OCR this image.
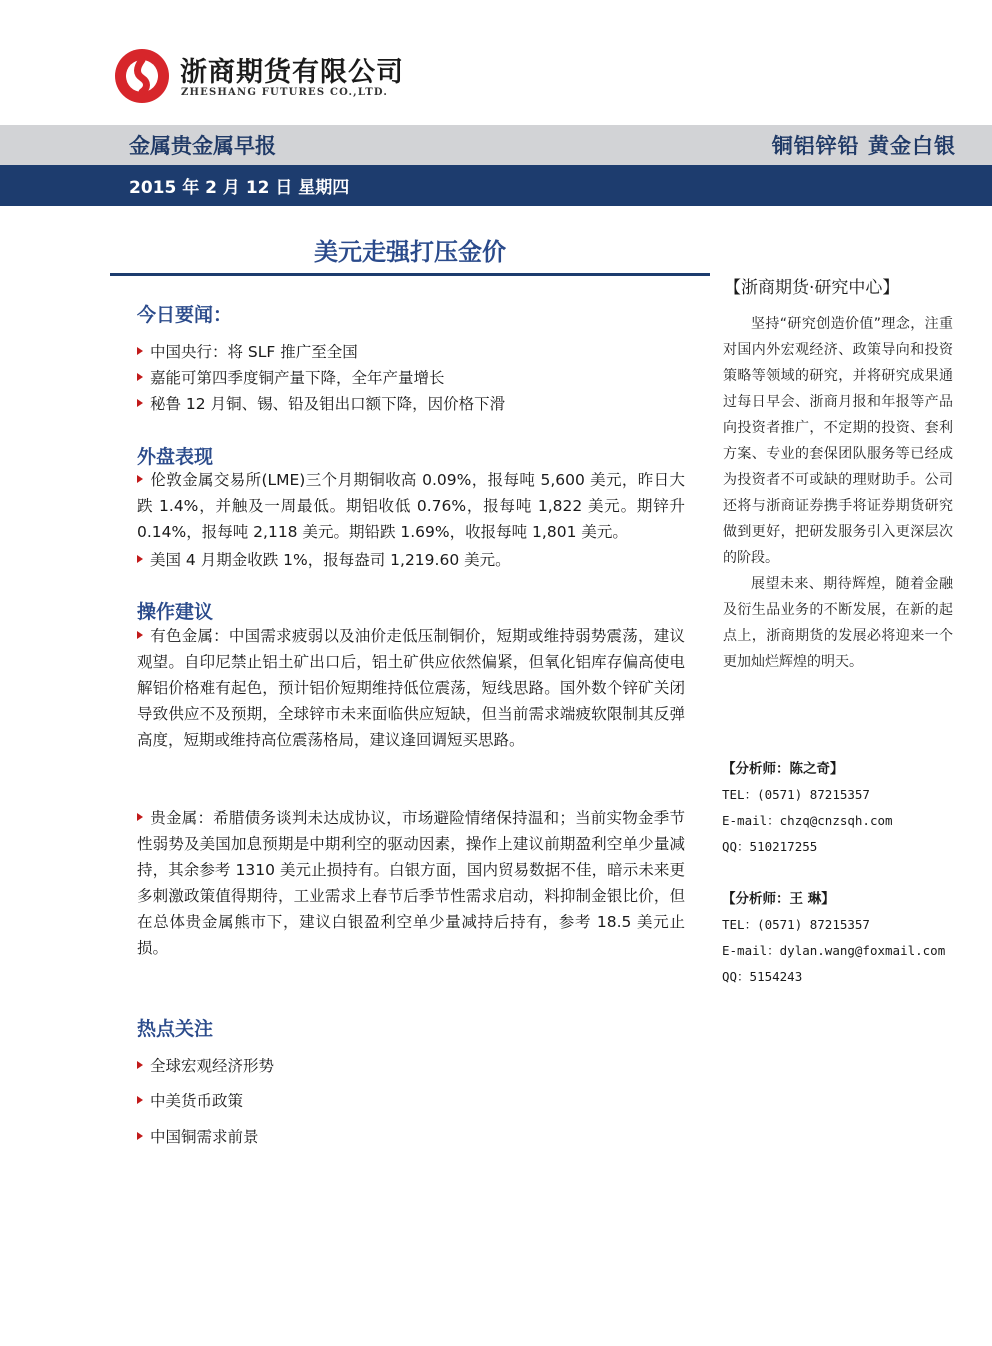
浙商期货有限公司
ZHESHANG FUTURES CO.,LTD.
金属贵金属早报	铜铝锌铅 黄金白银
2015 年 2 月 12 日 星期四
美元走强打压金价
今日要闻：
中国央行：将 SLF 推广至全国
嘉能可第四季度铜产量下降，全年产量增长
秘鲁 12 月铜、锡、铅及钼出口额下降，因价格下滑
外盘表现
伦敦金属交易所(LME)三个月期铜收高 0.09%，报每吨 5,600 美元，昨日大跌 1.4%，并触及一周最低。期铝收低 0.76%，报每吨 1,822 美元。期锌升 0.14%，报每吨 2,118 美元。期铅跌 1.69%，收报每吨 1,801 美元。
美国 4 月期金收跌 1%，报每盎司 1,219.60 美元。
操作建议
有色金属：中国需求疲弱以及油价走低压制铜价，短期或维持弱势震荡，建议观望。自印尼禁止铝土矿出口后，铝土矿供应依然偏紧，但氧化铝库存偏高使电解铝价格难有起色，预计铝价短期维持低位震荡，短线思路。国外数个锌矿关闭导致供应不及预期，全球锌市未来面临供应短缺，但当前需求端疲软限制其反弹高度，短期或维持高位震荡格局，建议逢回调短买思路。
贵金属：希腊债务谈判未达成协议，市场避险情绪保持温和；当前实物金季节性弱势及美国加息预期是中期利空的驱动因素，操作上建议前期盈利空单少量减持，其余参考 1310 美元止损持有。白银方面，国内贸易数据不佳，暗示未来更多刺激政策值得期待，工业需求上春节后季节性需求启动，料抑制金银比价，但在总体贵金属熊市下，建议白银盈利空单少量减持后持有，参考 18.5 美元止损。
热点关注
全球宏观经济形势
中美货币政策
中国铜需求前景
【浙商期货·研究中心】
坚持“研究创造价值”理念，注重对国内外宏观经济、政策导向和投资策略等领域的研究，并将研究成果通过每日早会、浙商月报和年报等产品向投资者推广，不定期的投资、套利方案、专业的套保团队服务等已经成为投资者不可或缺的理财助手。公司还将与浙商证券携手将证券期货研究做到更好，把研发服务引入更深层次的阶段。
展望未来、期待辉煌，随着金融及衍生品业务的不断发展，在新的起点上，浙商期货的发展必将迎来一个更加灿烂辉煌的明天。
【分析师：陈之奇】
TEL：(0571) 87215357
E-mail：chzq@cnzsqh.com
QQ：510217255
【分析师：王 琳】
TEL：(0571) 87215357
E-mail：dylan.wang@foxmail.com
QQ：5154243
